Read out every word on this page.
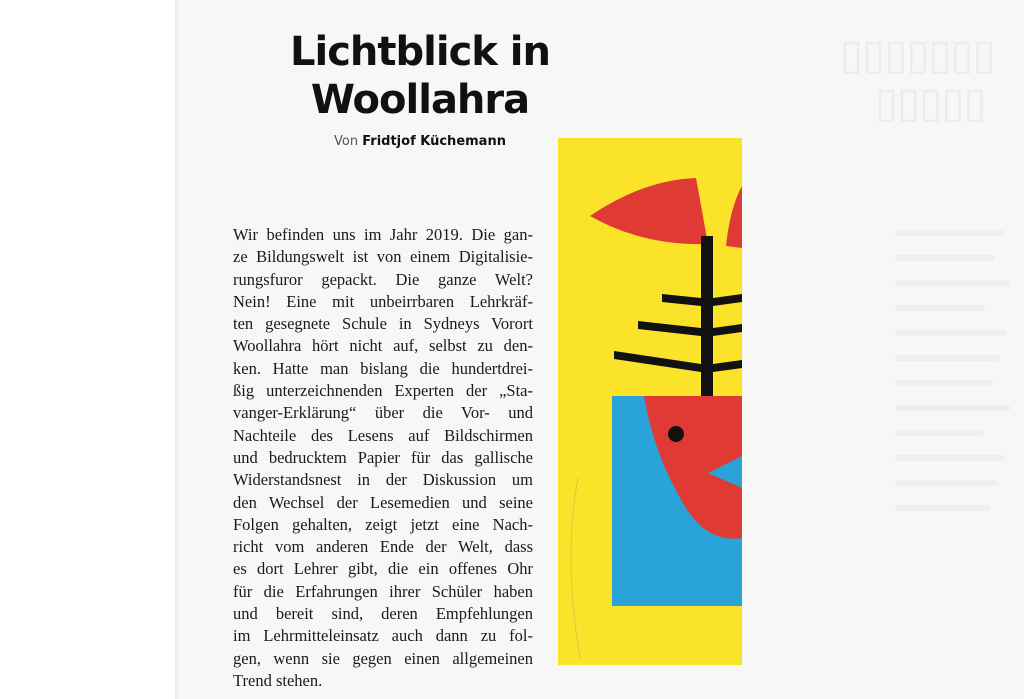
▯▯▯▯▯▯▯
▯▯▯▯▯
Lichtblick in
Woollahra
Von Fridtjof Küchemann
Wir befinden uns im Jahr 2019. Die gan-
ze Bildungswelt ist von einem Digitalisie-
rungsfuror gepackt. Die ganze Welt?
Nein! Eine mit unbeirrbaren Lehrkräf-
ten gesegnete Schule in Sydneys Vorort
Woollahra hört nicht auf, selbst zu den-
ken. Hatte man bislang die hundertdrei-
ßig unterzeichnenden Experten der „Sta-
vanger-Erklärung“ über die Vor- und
Nachteile des Lesens auf Bildschirmen
und bedrucktem Papier für das gallische
Widerstandsnest in der Diskussion um
den Wechsel der Lesemedien und seine
Folgen gehalten, zeigt jetzt eine Nach-
richt vom anderen Ende der Welt, dass
es dort Lehrer gibt, die ein offenes Ohr
für die Erfahrungen ihrer Schüler haben
und bereit sind, deren Empfehlungen
im Lehrmitteleinsatz auch dann zu fol-
gen, wenn sie gegen einen allgemeinen
Trend stehen.
